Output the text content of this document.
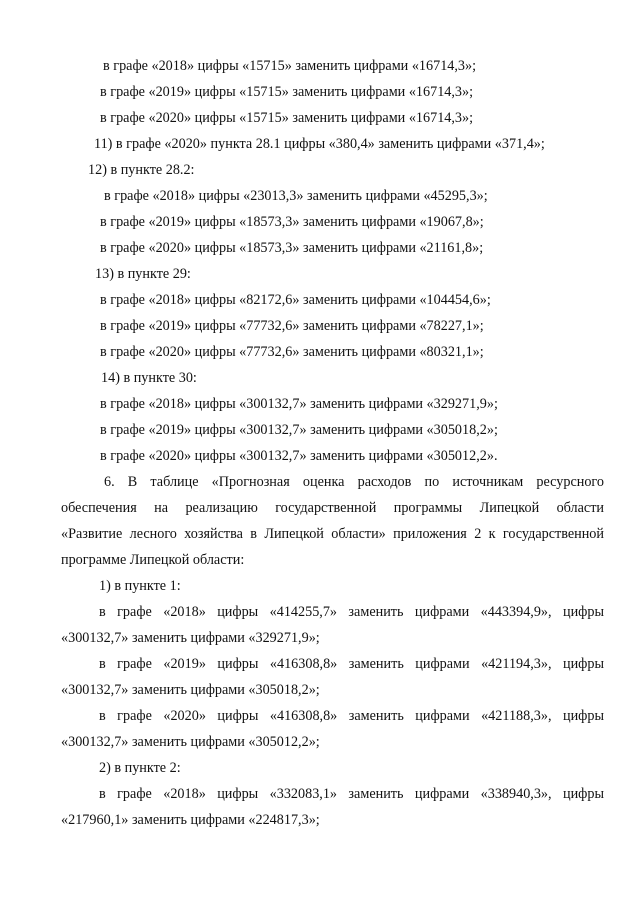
в графе «2018» цифры «15715» заменить цифрами «16714,3»;
в графе «2019» цифры «15715» заменить цифрами «16714,3»;
в графе «2020» цифры «15715» заменить цифрами «16714,3»;
11) в графе «2020» пункта 28.1 цифры «380,4» заменить цифрами «371,4»;
12) в пункте 28.2:
в графе «2018» цифры «23013,3» заменить цифрами «45295,3»;
в графе «2019» цифры «18573,3» заменить цифрами «19067,8»;
в графе «2020» цифры «18573,3» заменить цифрами «21161,8»;
13) в пункте 29:
в графе «2018» цифры «82172,6» заменить цифрами «104454,6»;
в графе «2019» цифры «77732,6» заменить цифрами «78227,1»;
в графе «2020» цифры «77732,6» заменить цифрами «80321,1»;
14) в пункте 30:
в графе «2018» цифры «300132,7» заменить цифрами «329271,9»;
в графе «2019» цифры «300132,7» заменить цифрами «305018,2»;
в графе «2020» цифры «300132,7» заменить цифрами «305012,2».
6. В таблице «Прогнозная оценка расходов по источникам ресурсного
обеспечения на реализацию государственной программы Липецкой области
«Развитие лесного хозяйства в Липецкой области» приложения 2 к государственной
программе Липецкой области:
1) в пункте 1:
в графе «2018» цифры «414255,7» заменить цифрами «443394,9», цифры
«300132,7» заменить цифрами «329271,9»;
в графе «2019» цифры «416308,8» заменить цифрами «421194,3», цифры
«300132,7» заменить цифрами «305018,2»;
в графе «2020» цифры «416308,8» заменить цифрами «421188,3», цифры
«300132,7» заменить цифрами «305012,2»;
2) в пункте 2:
в графе «2018» цифры «332083,1» заменить цифрами «338940,3», цифры
«217960,1» заменить цифрами «224817,3»;
